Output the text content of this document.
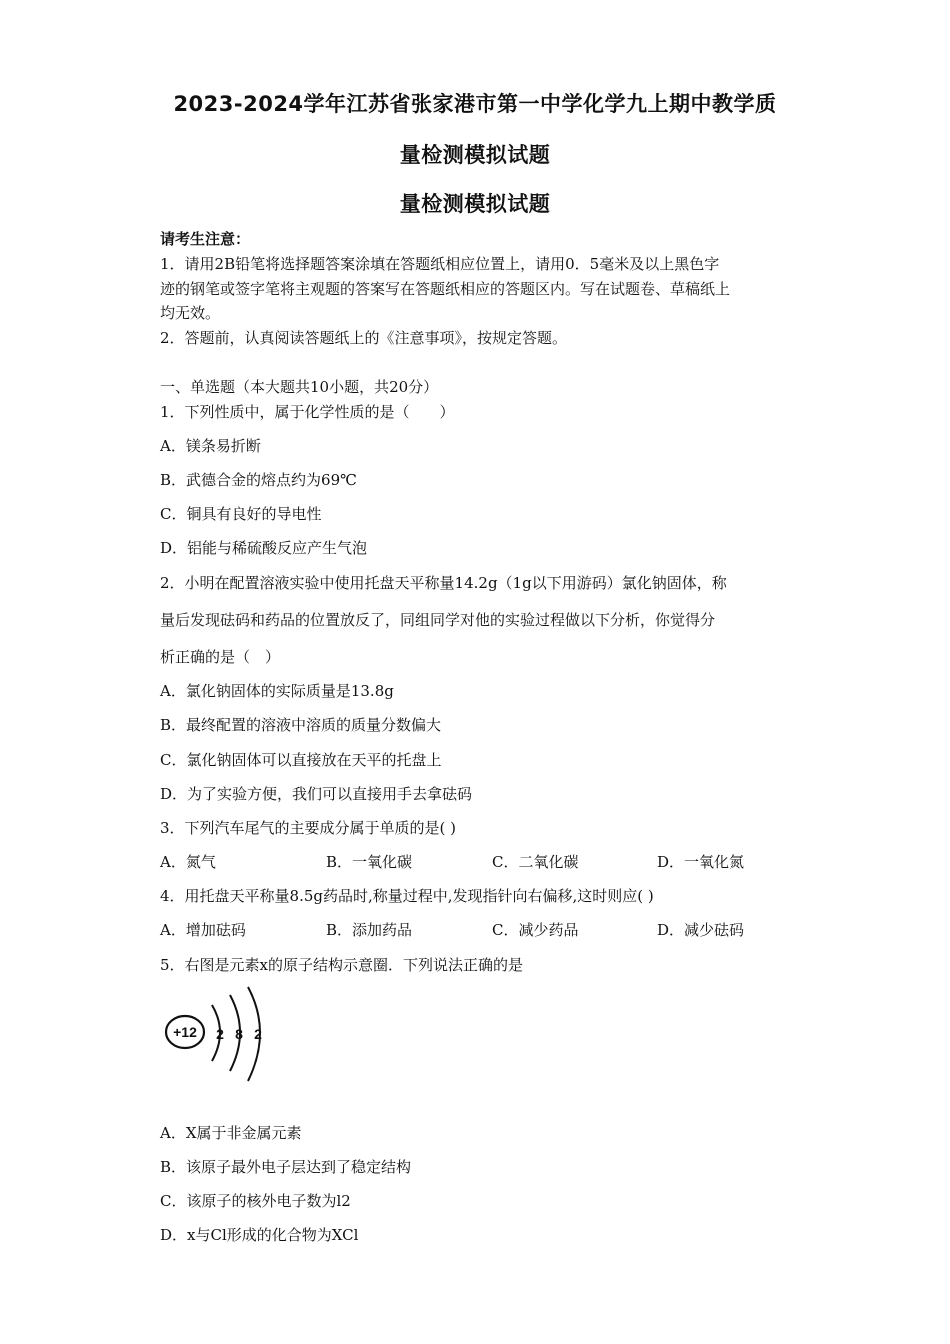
2023-2024学年江苏省张家港市第一中学化学九上期中教学质
量检测模拟试题
量检测模拟试题
请考生注意：
1．请用2B铅笔将选择题答案涂填在答题纸相应位置上，请用0．5毫米及以上黑色字
迹的钢笔或签字笔将主观题的答案写在答题纸相应的答题区内。写在试题卷、草稿纸上
均无效。
2．答题前，认真阅读答题纸上的《注意事项》，按规定答题。
一、单选题（本大题共10小题，共20分）
1．下列性质中，属于化学性质的是（　　）
A．镁条易折断
B．武德合金的熔点约为69℃
C．铜具有良好的导电性
D．铝能与稀硫酸反应产生气泡
2．小明在配置溶液实验中使用托盘天平称量14.2g（1g以下用游码）氯化钠固体，称
量后发现砝码和药品的位置放反了，同组同学对他的实验过程做以下分析，你觉得分
析正确的是（　）
A．氯化钠固体的实际质量是13.8g
B．最终配置的溶液中溶质的质量分数偏大
C．氯化钠固体可以直接放在天平的托盘上
D．为了实验方便，我们可以直接用手去拿砝码
3．下列汽车尾气的主要成分属于单质的是( )
A．氮气	B．一氧化碳	C．二氧化碳	D．一氧化氮
4．用托盘天平称量8.5g药品时,称量过程中,发现指针向右偏移,这时则应( )
A．增加砝码	B．添加药品	C．减少药品	D．减少砝码
5．右图是元素x的原子结构示意圈．下列说法正确的是
+12 2 8 2
A．X属于非金属元素
B．该原子最外电子层达到了稳定结构
C．该原子的核外电子数为l2
D．x与Cl形成的化合物为XCl
